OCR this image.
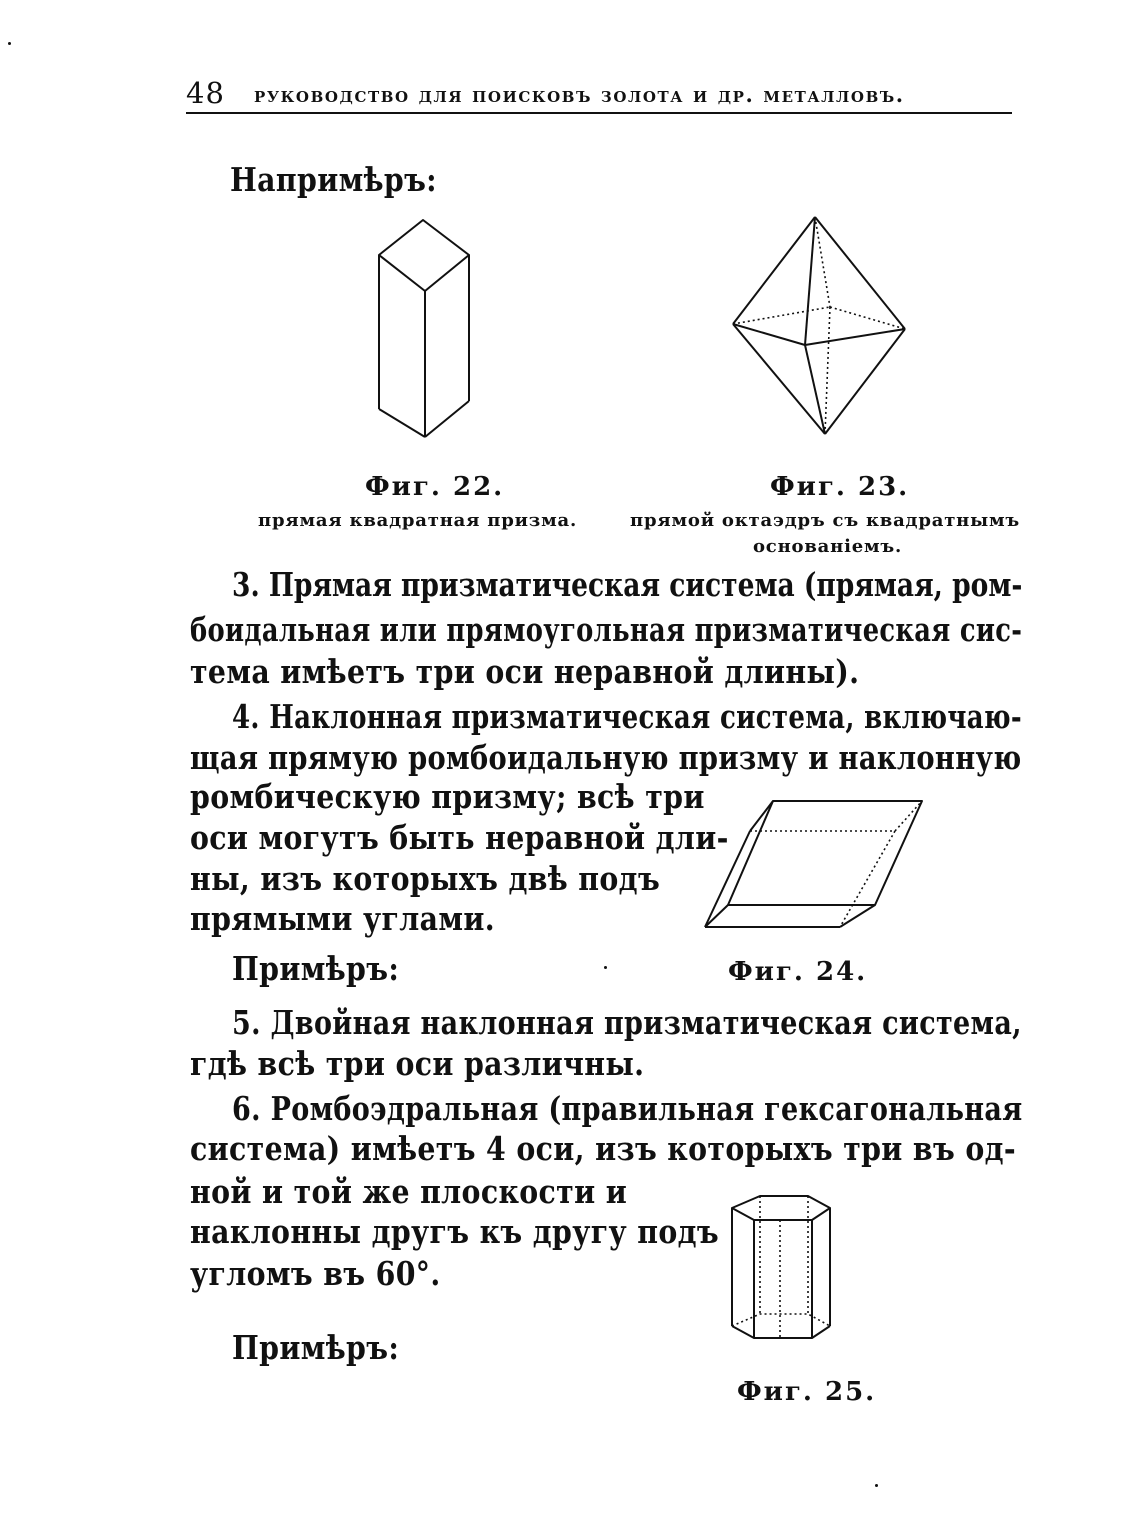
48 руководство для поисковъ золота и др. металловъ.
Напримѣръ:
Фиг. 22.
прямая квадратная призма.
Фиг. 23.
прямой октаэдръ съ квадратнымъ
основаніемъ.
3. Прямая призматическая система (прямая, ром-
боидальная или прямоугольная призматическая сис-
тема имѣетъ три оси неравной длины).
4. Наклонная призматическая система, включаю-
щая прямую ромбоидальную призму и наклонную
ромбическую призму; всѣ три
оси могутъ быть неравной дли-
ны, изъ которыхъ двѣ подъ
прямыми углами.
Примѣръ:	Фиг. 24.
5. Двойная наклонная призматическая система,
гдѣ всѣ три оси различны.
6. Ромбоэдральная (правильная гексагональная
система) имѣетъ 4 оси, изъ которыхъ три въ од-
ной и той же плоскости и
наклонны другъ къ другу подъ
угломъ въ 60°.
Примѣръ:
Фиг. 25.
